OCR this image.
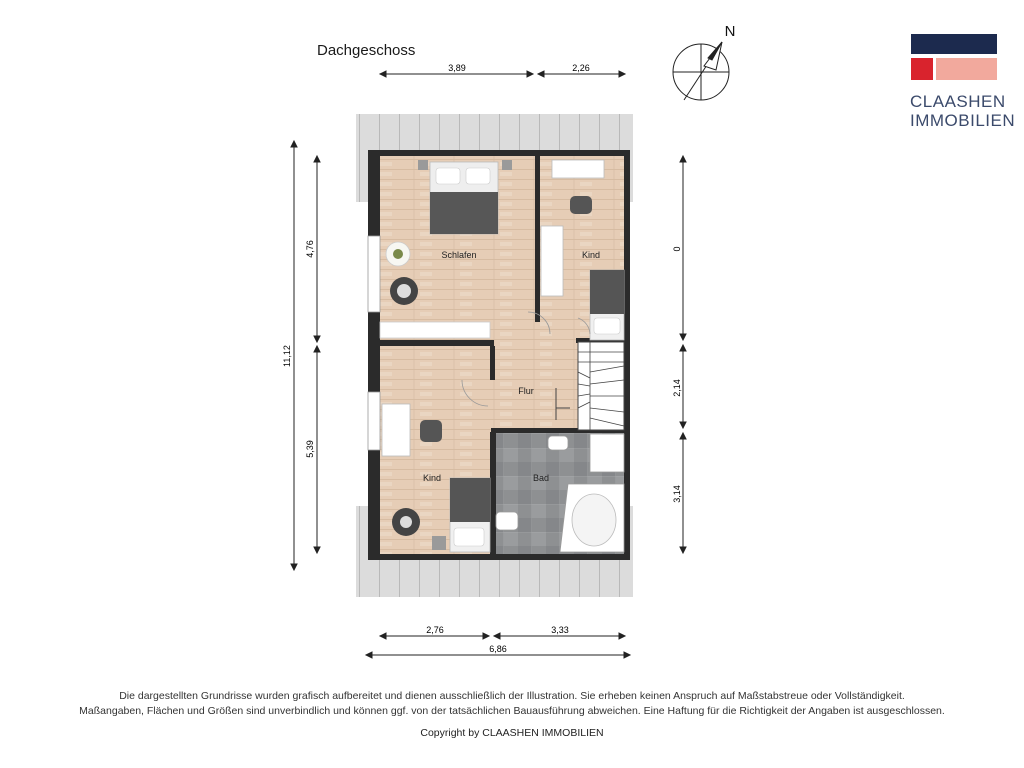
Dachgeschoss
CLAASHEN
IMMOBILIEN
Schlafen	Kind
Flur
Kind	Bad
3,89	2,26
11,12
4,76
5,39
0
2,14
3,14
2,76	3,33
6,86
N
Die dargestellten Grundrisse wurden grafisch aufbereitet und dienen ausschließlich der Illustration. Sie erheben keinen Anspruch auf Maßstabstreue oder Vollständigkeit.
Maßangaben, Flächen und Größen sind unverbindlich und können ggf. von der tatsächlichen Bauausführung abweichen. Eine Haftung für die Richtigkeit der Angaben ist ausgeschlossen.
Copyright by CLAASHEN IMMOBILIEN
